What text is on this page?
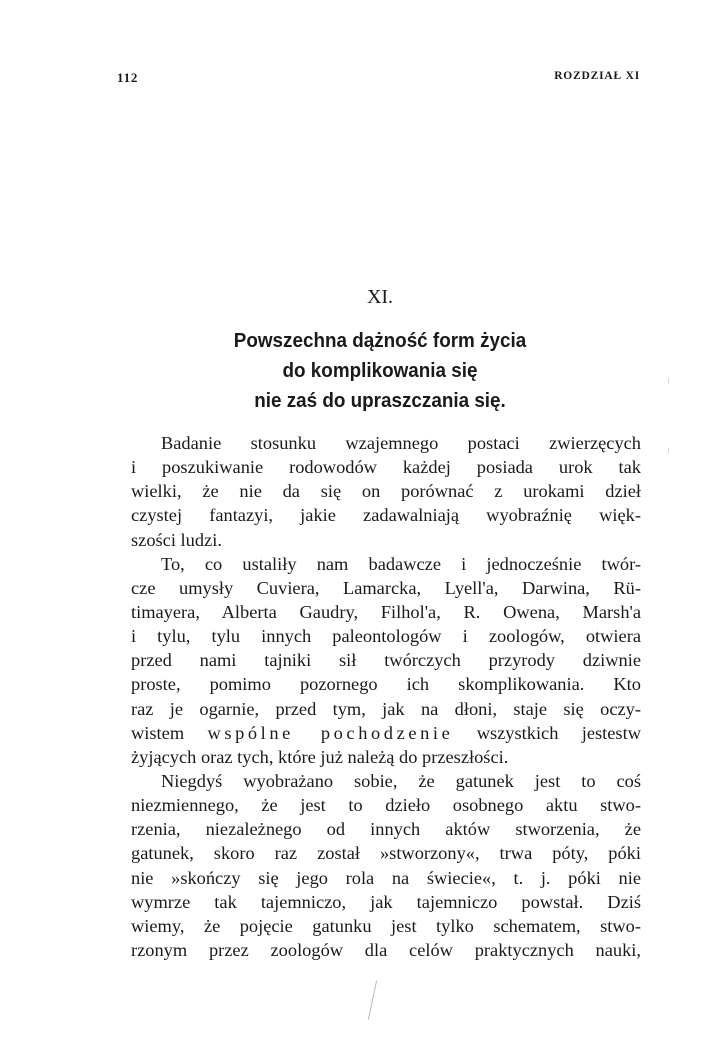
112	ROZDZIAŁ XI
XI.
Powszechna dążność form życia
do komplikowania się
nie zaś do upraszczania się.
Badanie stosunku wzajemnego postaci zwierzęcych
i poszukiwanie rodowodów każdej posiada urok tak
wielki, że nie da się on porównać z urokami dzieł
czystej fantazyi, jakie zadawalniają wyobraźnię więk-
szości ludzi.
To, co ustaliły nam badawcze i jednocześnie twór-
cze umysły Cuviera, Lamarcka, Lyell'a, Darwina, Rü-
timayera, Alberta Gaudry, Filhol'a, R. Owena, Marsh'a
i tylu, tylu innych paleontologów i zoologów, otwiera
przed nami tajniki sił twórczych przyrody dziwnie
proste, pomimo pozornego ich skomplikowania. Kto
raz je ogarnie, przed tym, jak na dłoni, staje się oczy-
wistem wspólne pochodzenie wszystkich jestestw
żyjących oraz tych, które już należą do przeszłości.
Niegdyś wyobrażano sobie, że gatunek jest to coś
niezmiennego, że jest to dzieło osobnego aktu stwo-
rzenia, niezależnego od innych aktów stworzenia, że
gatunek, skoro raz został »stworzony«, trwa póty, póki
nie »skończy się jego rola na świecie«, t. j. póki nie
wymrze tak tajemniczo, jak tajemniczo powstał. Dziś
wiemy, że pojęcie gatunku jest tylko schematem, stwo-
rzonym przez zoologów dla celów praktycznych nauki,
